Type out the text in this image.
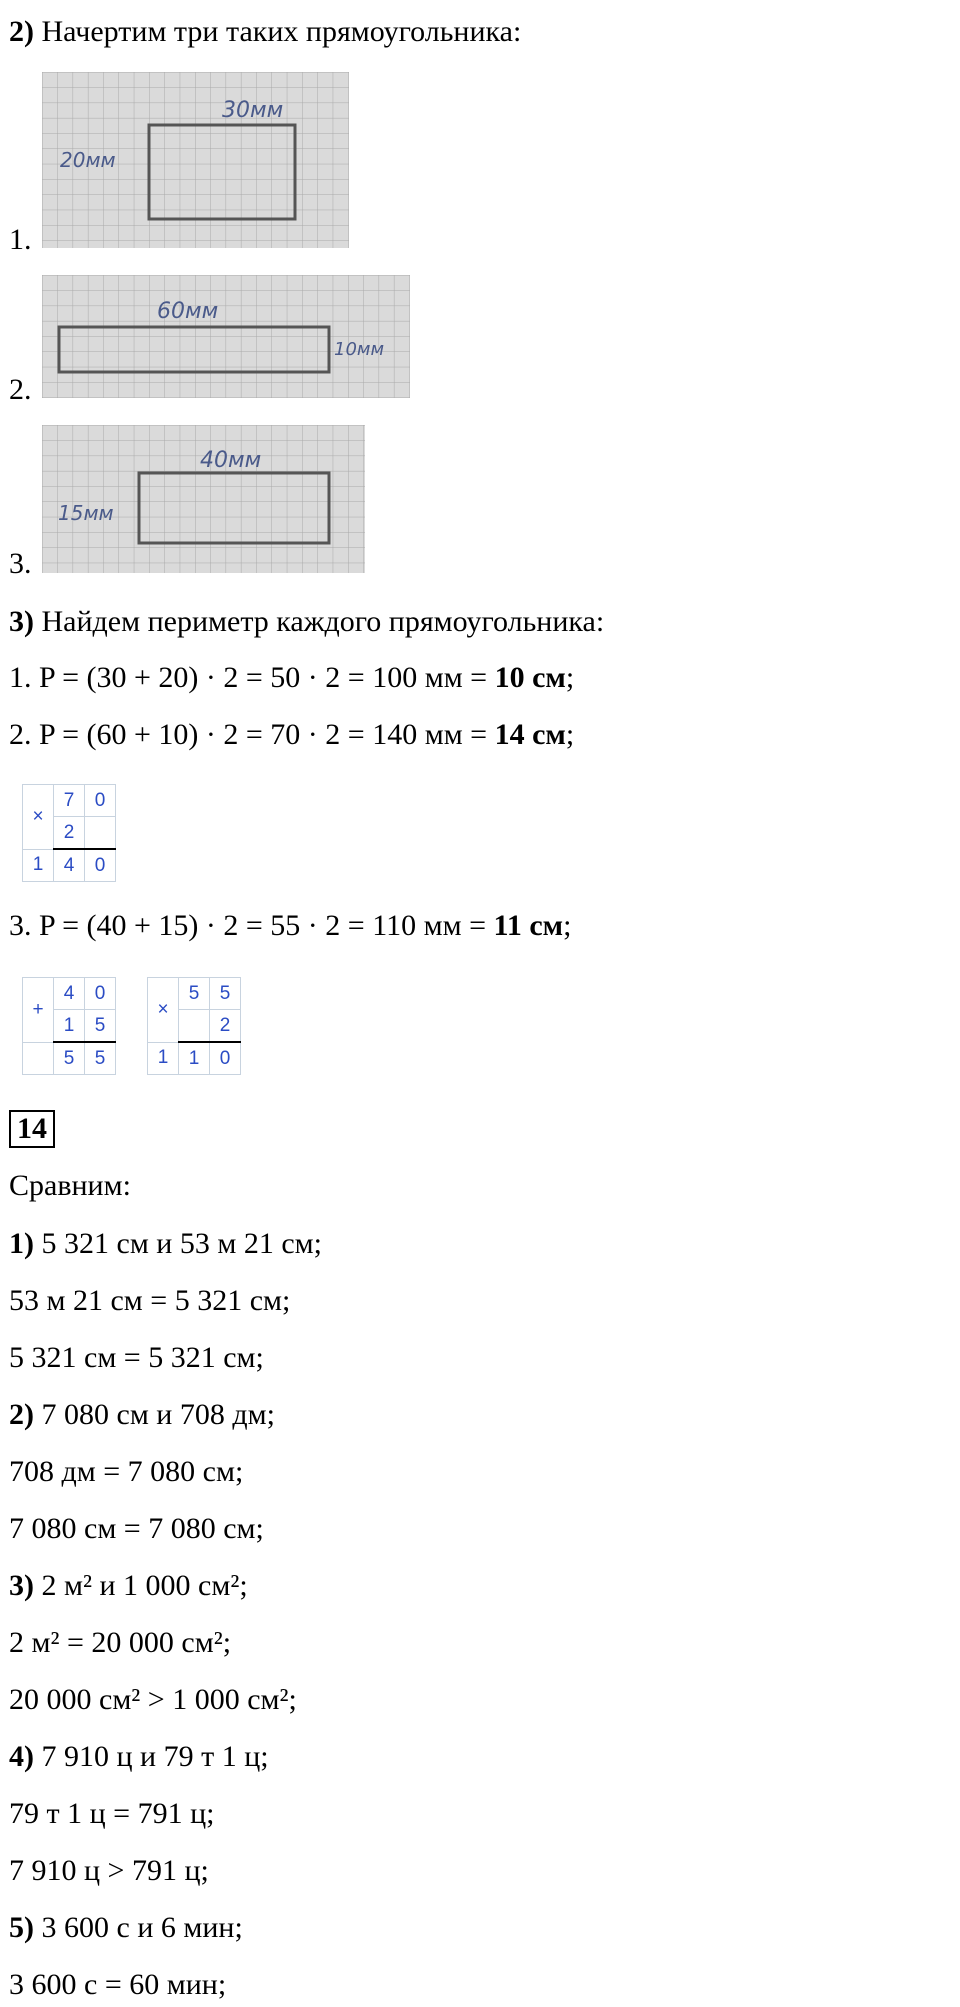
2) Начертим три таких прямоугольника:
1.
30мм
20мм
2.
60мм
10мм
3.
40мм
15мм
3) Найдем периметр каждого прямоугольника:
1. P = (30 + 20) · 2 = 50 · 2 = 100 мм = 10 см;
2. P = (60 + 10) · 2 = 70 · 2 = 140 мм = 14 см;
×	7	0
	2	
1	4	0
3. P = (40 + 15) · 2 = 55 · 2 = 110 мм = 11 см;
+	4	0
	1	5
	5	5
×	5	5
		2
1	1	0
14
Сравним:
1) 5 321 см и 53 м 21 см;
53 м 21 см = 5 321 см;
5 321 см = 5 321 см;
2) 7 080 см и 708 дм;
708 дм = 7 080 см;
7 080 см = 7 080 см;
3) 2 м² и 1 000 см²;
2 м² = 20 000 см²;
20 000 см² > 1 000 см²;
4) 7 910 ц и 79 т 1 ц;
79 т 1 ц = 791 ц;
7 910 ц > 791 ц;
5) 3 600 с и 6 мин;
3 600 с = 60 мин;
